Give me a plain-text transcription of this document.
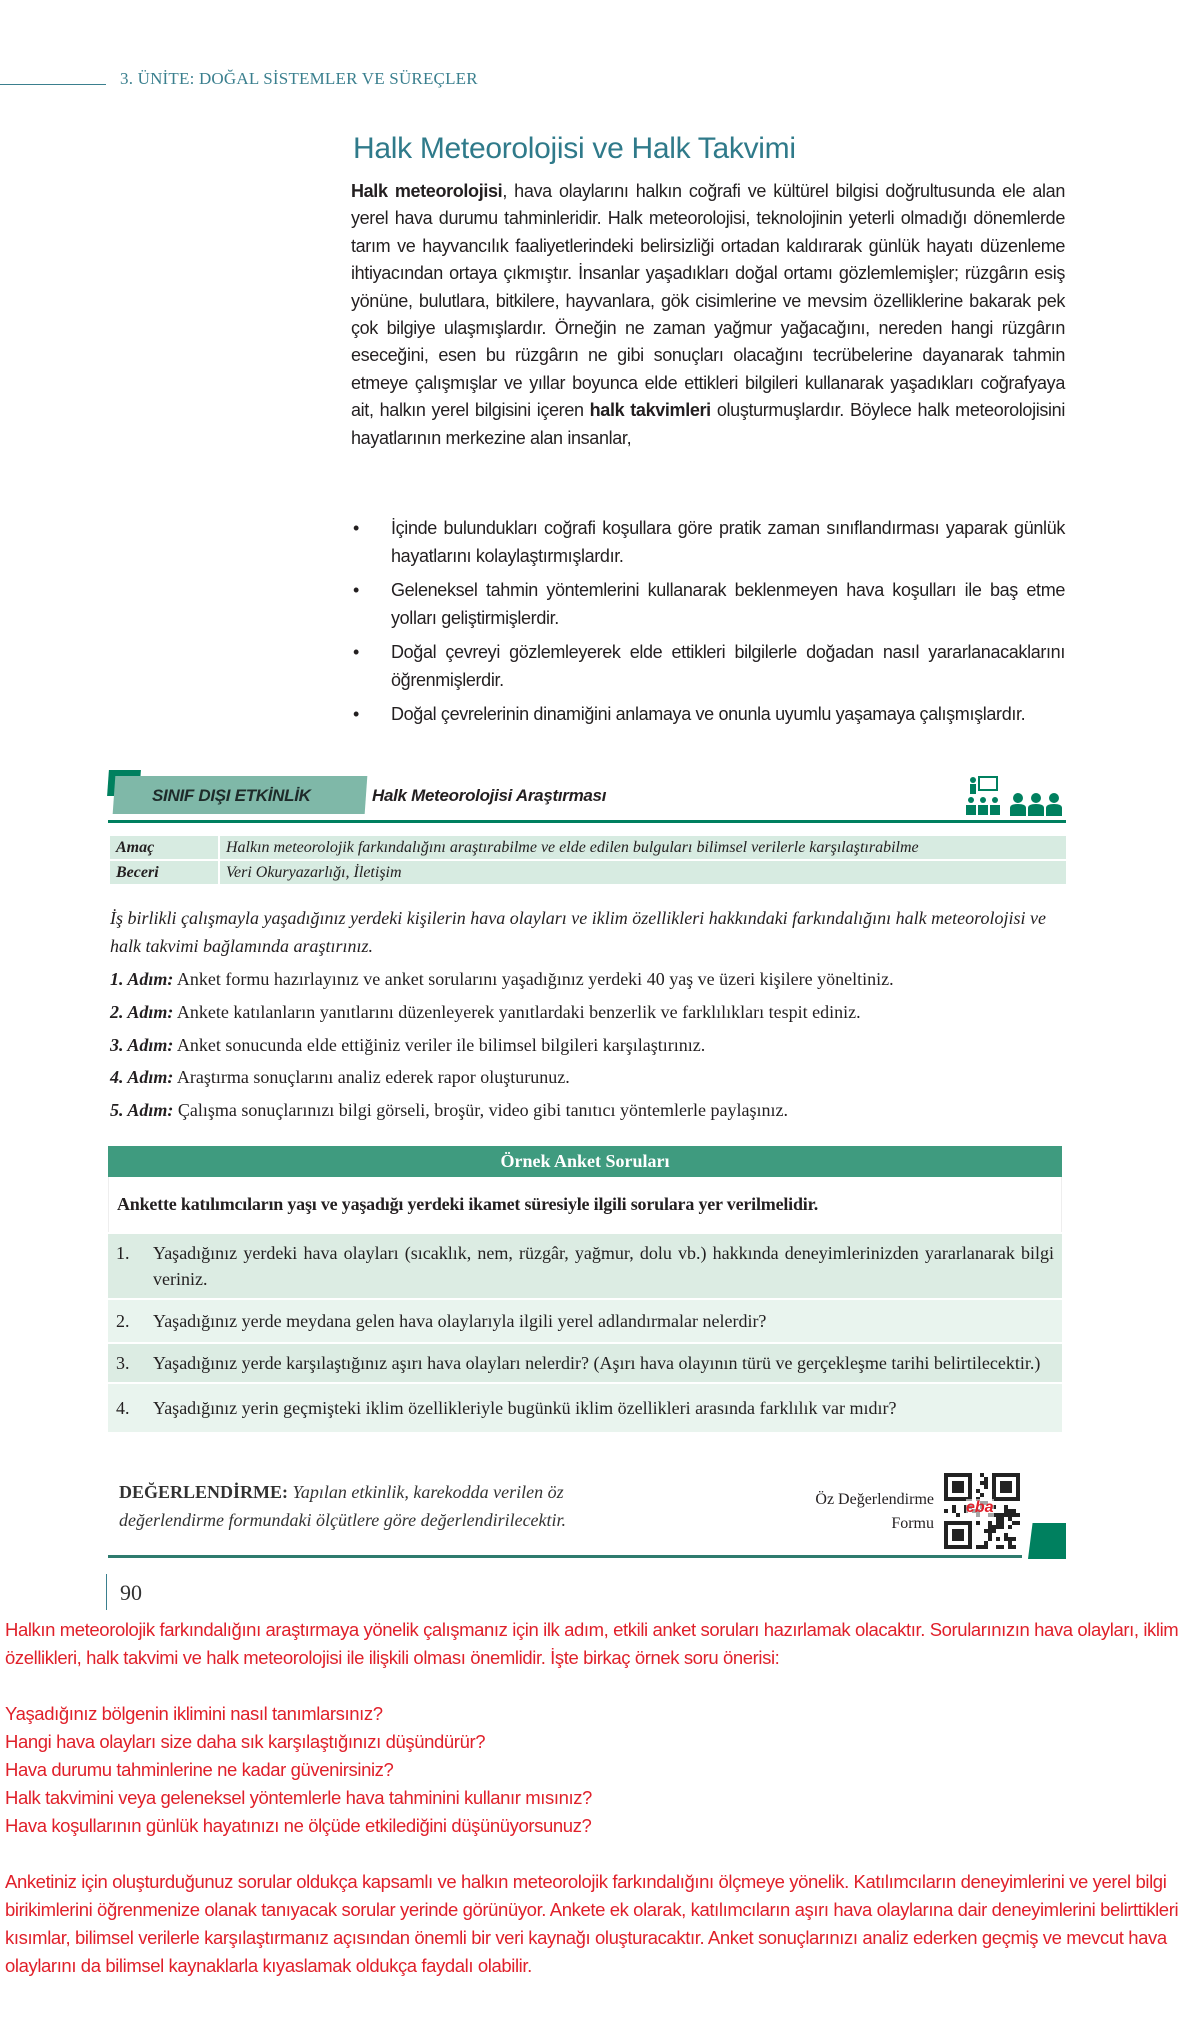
3. ÜNİTE: DOĞAL SİSTEMLER VE SÜREÇLER
Halk Meteorolojisi ve Halk Takvimi

Halk meteorolojisi, hava olaylarını halkın coğrafi ve kültürel bilgisi doğrultusunda ele alan yerel hava durumu tahminleridir. Halk meteorolojisi, teknolojinin yeterli olmadığı dönemlerde tarım ve hayvancılık faaliyetlerindeki belirsizliği ortadan kaldırarak günlük hayatı düzenleme ihtiyacından ortaya çıkmıştır. İnsanlar yaşadıkları doğal ortamı gözlemlemişler; rüzgârın esiş yönüne, bulutlara, bitkilere, hayvanlara, gök cisimlerine ve mevsim özelliklerine bakarak pek çok bilgiye ulaşmışlardır. Örneğin ne zaman yağmur yağacağını, nereden hangi rüzgârın eseceğini, esen bu rüzgârın ne gibi sonuçları olacağını tecrübelerine dayanarak tahmin etmeye çalışmışlar ve yıllar boyunca elde ettikleri bilgileri kullanarak yaşadıkları coğrafyaya ait, halkın yerel bilgisini içeren halk takvimleri oluşturmuşlardır. Böylece halk meteorolojisini hayatlarının merkezine alan insanlar,

• İçinde bulundukları coğrafi koşullara göre pratik zaman sınıflandırması yaparak günlük hayatlarını kolaylaştırmışlardır.
• Geleneksel tahmin yöntemlerini kullanarak beklenmeyen hava koşulları ile baş etme yolları geliştirmişlerdir.
• Doğal çevreyi gözlemleyerek elde ettikleri bilgilerle doğadan nasıl yararlanacaklarını öğrenmişlerdir.
• Doğal çevrelerinin dinamiğini anlamaya ve onunla uyumlu yaşamaya çalışmışlardır.
SINIF DIŞI ETKİNLİK	Halk Meteorolojisi Araştırması
Amaç	Halkın meteorolojik farkındalığını araştırabilme ve elde edilen bulguları bilimsel verilerle karşılaştırabilme
Beceri	Veri Okuryazarlığı, İletişim

İş birlikli çalışmayla yaşadığınız yerdeki kişilerin hava olayları ve iklim özellikleri hakkındaki farkındalığını halk meteorolojisi ve halk takvimi bağlamında araştırınız.

1. Adım: Anket formu hazırlayınız ve anket sorularını yaşadığınız yerdeki 40 yaş ve üzeri kişilere yöneltiniz.
2. Adım: Ankete katılanların yanıtlarını düzenleyerek yanıtlardaki benzerlik ve farklılıkları tespit ediniz.
3. Adım: Anket sonucunda elde ettiğiniz veriler ile bilimsel bilgileri karşılaştırınız.
4. Adım: Araştırma sonuçlarını analiz ederek rapor oluşturunuz.
5. Adım: Çalışma sonuçlarınızı bilgi görseli, broşür, video gibi tanıtıcı yöntemlerle paylaşınız.
Örnek Anket Soruları
Ankette katılımcıların yaşı ve yaşadığı yerdeki ikamet süresiyle ilgili sorulara yer verilmelidir.
1.	Yaşadığınız yerdeki hava olayları (sıcaklık, nem, rüzgâr, yağmur, dolu vb.) hakkında deneyimlerinizden yararlanarak bilgi veriniz.
2.	Yaşadığınız yerde meydana gelen hava olaylarıyla ilgili yerel adlandırmalar nelerdir?
3.	Yaşadığınız yerde karşılaştığınız aşırı hava olayları nelerdir? (Aşırı hava olayının türü ve gerçekleşme tarihi belirtilecektir.)
4.	Yaşadığınız yerin geçmişteki iklim özellikleriyle bugünkü iklim özellikleri arasında farklılık var mıdır?

DEĞERLENDİRME: Yapılan etkinlik, karekodda verilen öz değerlendirme formundaki ölçütlere göre değerlendirilecektir.

Öz Değerlendirme
Formu
eba
90

Halkın meteorolojik farkındalığını araştırmaya yönelik çalışmanız için ilk adım, etkili anket soruları hazırlamak olacaktır. Sorularınızın hava olayları, iklim özellikleri, halk takvimi ve halk meteorolojisi ile ilişkili olması önemlidir. İşte birkaç örnek soru önerisi:

Yaşadığınız bölgenin iklimini nasıl tanımlarsınız?

Hangi hava olayları size daha sık karşılaştığınızı düşündürür?

Hava durumu tahminlerine ne kadar güvenirsiniz?

Halk takvimini veya geleneksel yöntemlerle hava tahminini kullanır mısınız?

Hava koşullarının günlük hayatınızı ne ölçüde etkilediğini düşünüyorsunuz?

Anketiniz için oluşturduğunuz sorular oldukça kapsamlı ve halkın meteorolojik farkındalığını ölçmeye yönelik. Katılımcıların deneyimlerini ve yerel bilgi birikimlerini öğrenmenize olanak tanıyacak sorular yerinde görünüyor. Ankete ek olarak, katılımcıların aşırı hava olaylarına dair deneyimlerini belirttikleri kısımlar, bilimsel verilerle karşılaştırmanız açısından önemli bir veri kaynağı oluşturacaktır. Anket sonuçlarınızı analiz ederken geçmiş ve mevcut hava olaylarını da bilimsel kaynaklarla kıyaslamak oldukça faydalı olabilir.
